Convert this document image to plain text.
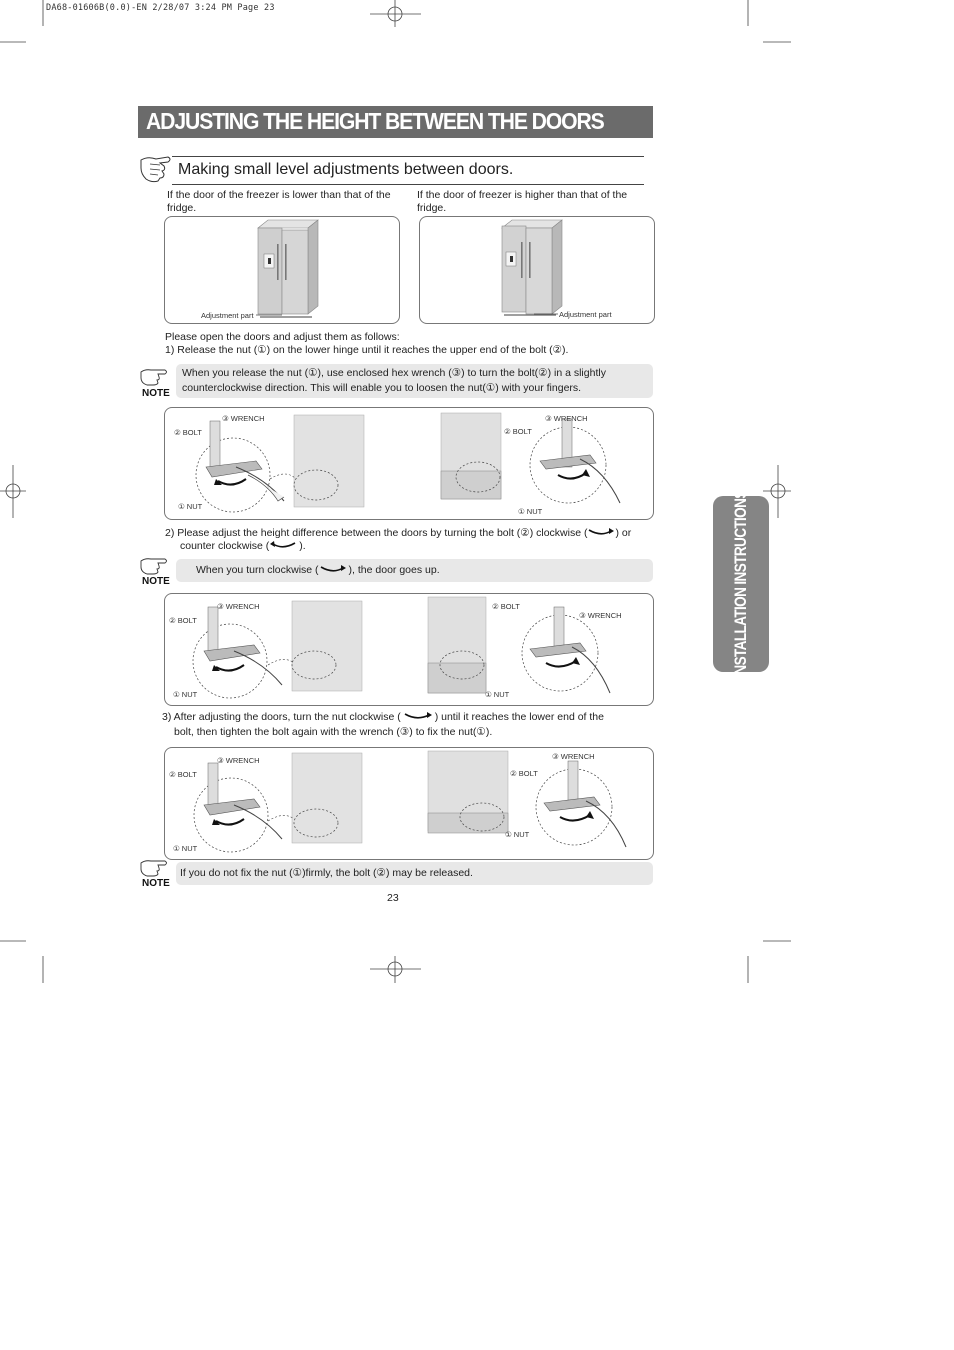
DA68-01606B(0.0)-EN 2/28/07 3:24 PM Page 23
ADJUSTING THE HEIGHT BETWEEN THE DOORS
Making small level adjustments between doors.
If the door of the freezer is lower than that of the fridge.
If the door of freezer is higher than that of the fridge.
Adjustment part	Adjustment part
Please open the doors and adjust them as follows:
1) Release the nut (①) on the lower hinge until it reaches the upper end of the bolt (②).
NOTE
When you release the nut (①), use enclosed hex wrench (③) to turn the bolt(②) in a slightly
counterclockwise direction. This will enable you to loosen the nut(①) with your fingers.
③ WRENCH
② BOLT
① NUT
③ WRENCH
② BOLT
① NUT
2) Please adjust the height difference between the doors by turning the bolt (②) clockwise (	) or
counter clockwise (	).
NOTE
When you turn clockwise (	), the door goes up.
③ WRENCH
② BOLT
① NUT
② BOLT
③ WRENCH
① NUT
3) After adjusting the doors, turn the nut clockwise (	) until it reaches the lower end of the
bolt, then tighten the bolt again with the wrench (③) to fix the nut(①).
③ WRENCH
② BOLT
① NUT
③ WRENCH
② BOLT
① NUT
NOTE
If you do not fix the nut (①)firmly, the bolt (②) may be released.
23
INSTALLATION INSTRUCTIONS
